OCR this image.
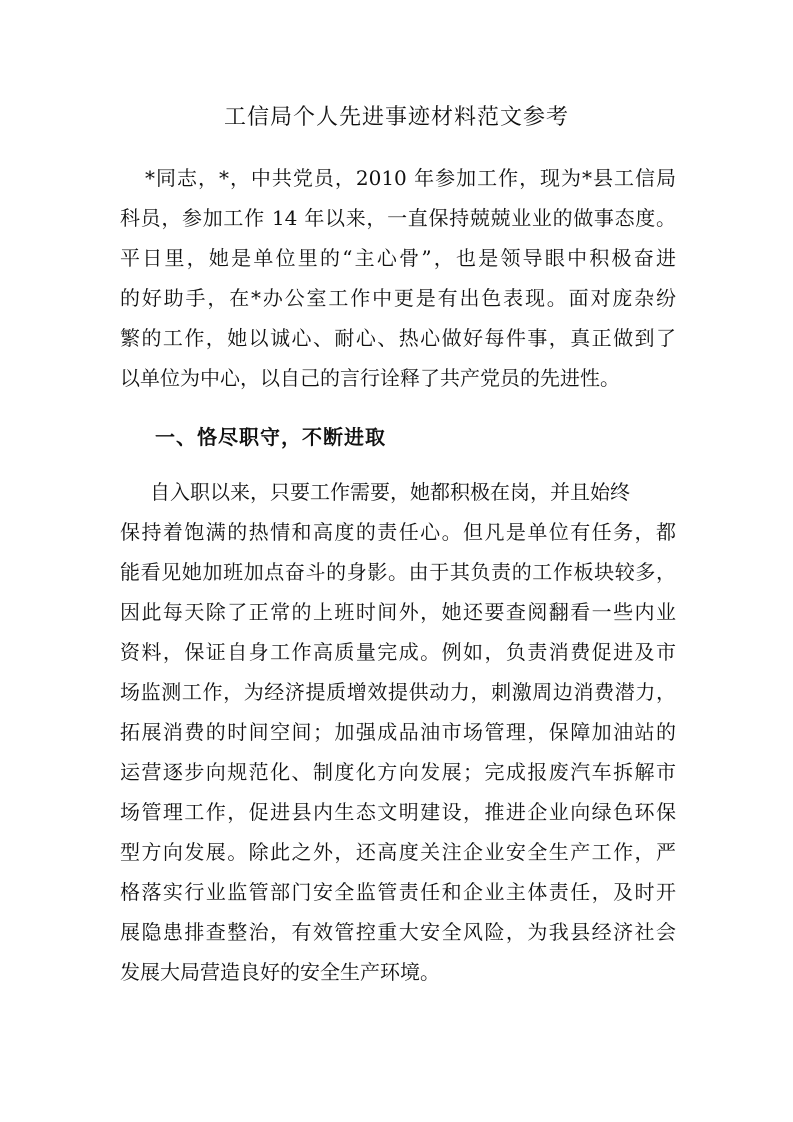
工信局个人先进事迹材料范文参考
*同志，*，中共党员，2010 年参加工作，现为*县工信局
科员，参加工作 14 年以来，一直保持兢兢业业的做事态度。
平日里，她是单位里的“主心骨”，也是领导眼中积极奋进
的好助手，在*办公室工作中更是有出色表现。面对庞杂纷
繁的工作，她以诚心、耐心、热心做好每件事，真正做到了
以单位为中心，以自己的言行诠释了共产党员的先进性。
一、恪尽职守，不断进取
自入职以来，只要工作需要，她都积极在岗，并且始终
保持着饱满的热情和高度的责任心。但凡是单位有任务，都
能看见她加班加点奋斗的身影。由于其负责的工作板块较多，
因此每天除了正常的上班时间外，她还要查阅翻看一些内业
资料，保证自身工作高质量完成。例如，负责消费促进及市
场监测工作，为经济提质增效提供动力，刺激周边消费潜力，
拓展消费的时间空间；加强成品油市场管理，保障加油站的
运营逐步向规范化、制度化方向发展；完成报废汽车拆解市
场管理工作，促进县内生态文明建设，推进企业向绿色环保
型方向发展。除此之外，还高度关注企业安全生产工作，严
格落实行业监管部门安全监管责任和企业主体责任，及时开
展隐患排查整治，有效管控重大安全风险，为我县经济社会
发展大局营造良好的安全生产环境。
